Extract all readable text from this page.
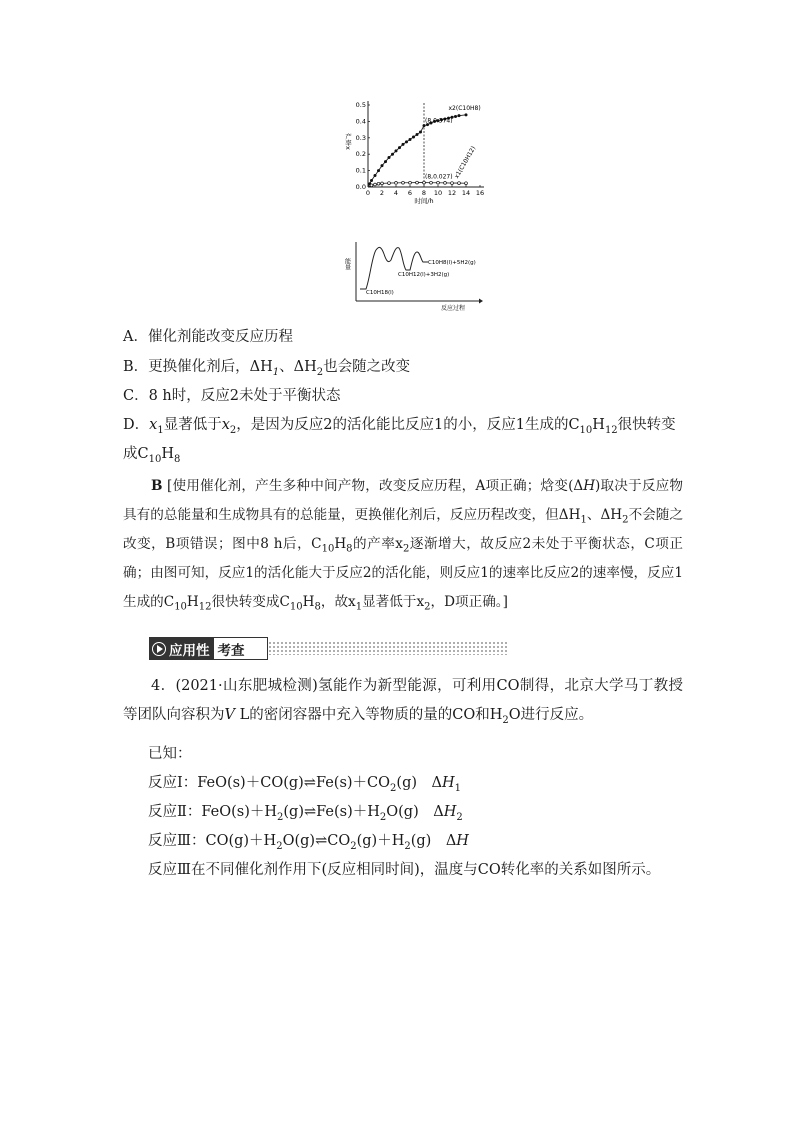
0 2 4 6 8 10 12 14 16
0.0
0.1
0.2
0.3
0.4
0.5
时间/h
产率x
(8,0.374)
(8,0.027)
x2(C10H8)
x1(C10H12)
能量	C10H8(l)+5H2(g)
C10H12(l)+3H2(g)
C10H18(l)
反应过程
A．催化剂能改变反应历程
B．更换催化剂后，$\Delta H_1$、$\Delta H_2$也会随之改变
C．8 h时，反应2未处于平衡状态
D．$x_1$显著低于$x_2$，是因为反应2的活化能比反应1的小，反应1生成的$C_{10}H_{12}$很快转变
成$C_{10}H_8$
B [使用催化剂，产生多种中间产物，改变反应历程，A项正确；焓变(ΔH)取决于反应物具有的总能量和生成物具有的总能量，更换催化剂后，反应历程改变，但$\Delta H_1$、$\Delta H_2$不会随之改变，B项错误；图中8 h后，$C_{10}H_8$的产率$x_2$逐渐增大，故反应2未处于平衡状态，C项正确；由图可知，反应1的活化能大于反应2的活化能，则反应1的速率比反应2的速率慢，反应1生成的$C_{10}H_{12}$很快转变成$C_{10}H_8$，故$x_1$显著低于$x_2$，D项正确。]
应用性 考查
4．(2021·山东肥城检测)氢能作为新型能源，可利用CO制得，北京大学马丁教授等团队向容积为V L的密闭容器中充入等物质的量的CO和$H_2O$进行反应。
已知：
反应Ⅰ：$FeO(s)+CO(g)\rightleftharpoons Fe(s)+CO_2(g)$　$\Delta H_1$
反应Ⅱ：$FeO(s)+H_2(g)\rightleftharpoons Fe(s)+H_2O(g)$　$\Delta H_2$
反应Ⅲ：$CO(g)+H_2O(g)\rightleftharpoons CO_2(g)+H_2(g)$　ΔH
反应Ⅲ在不同催化剂作用下(反应相同时间)，温度与CO转化率的关系如图所示。
